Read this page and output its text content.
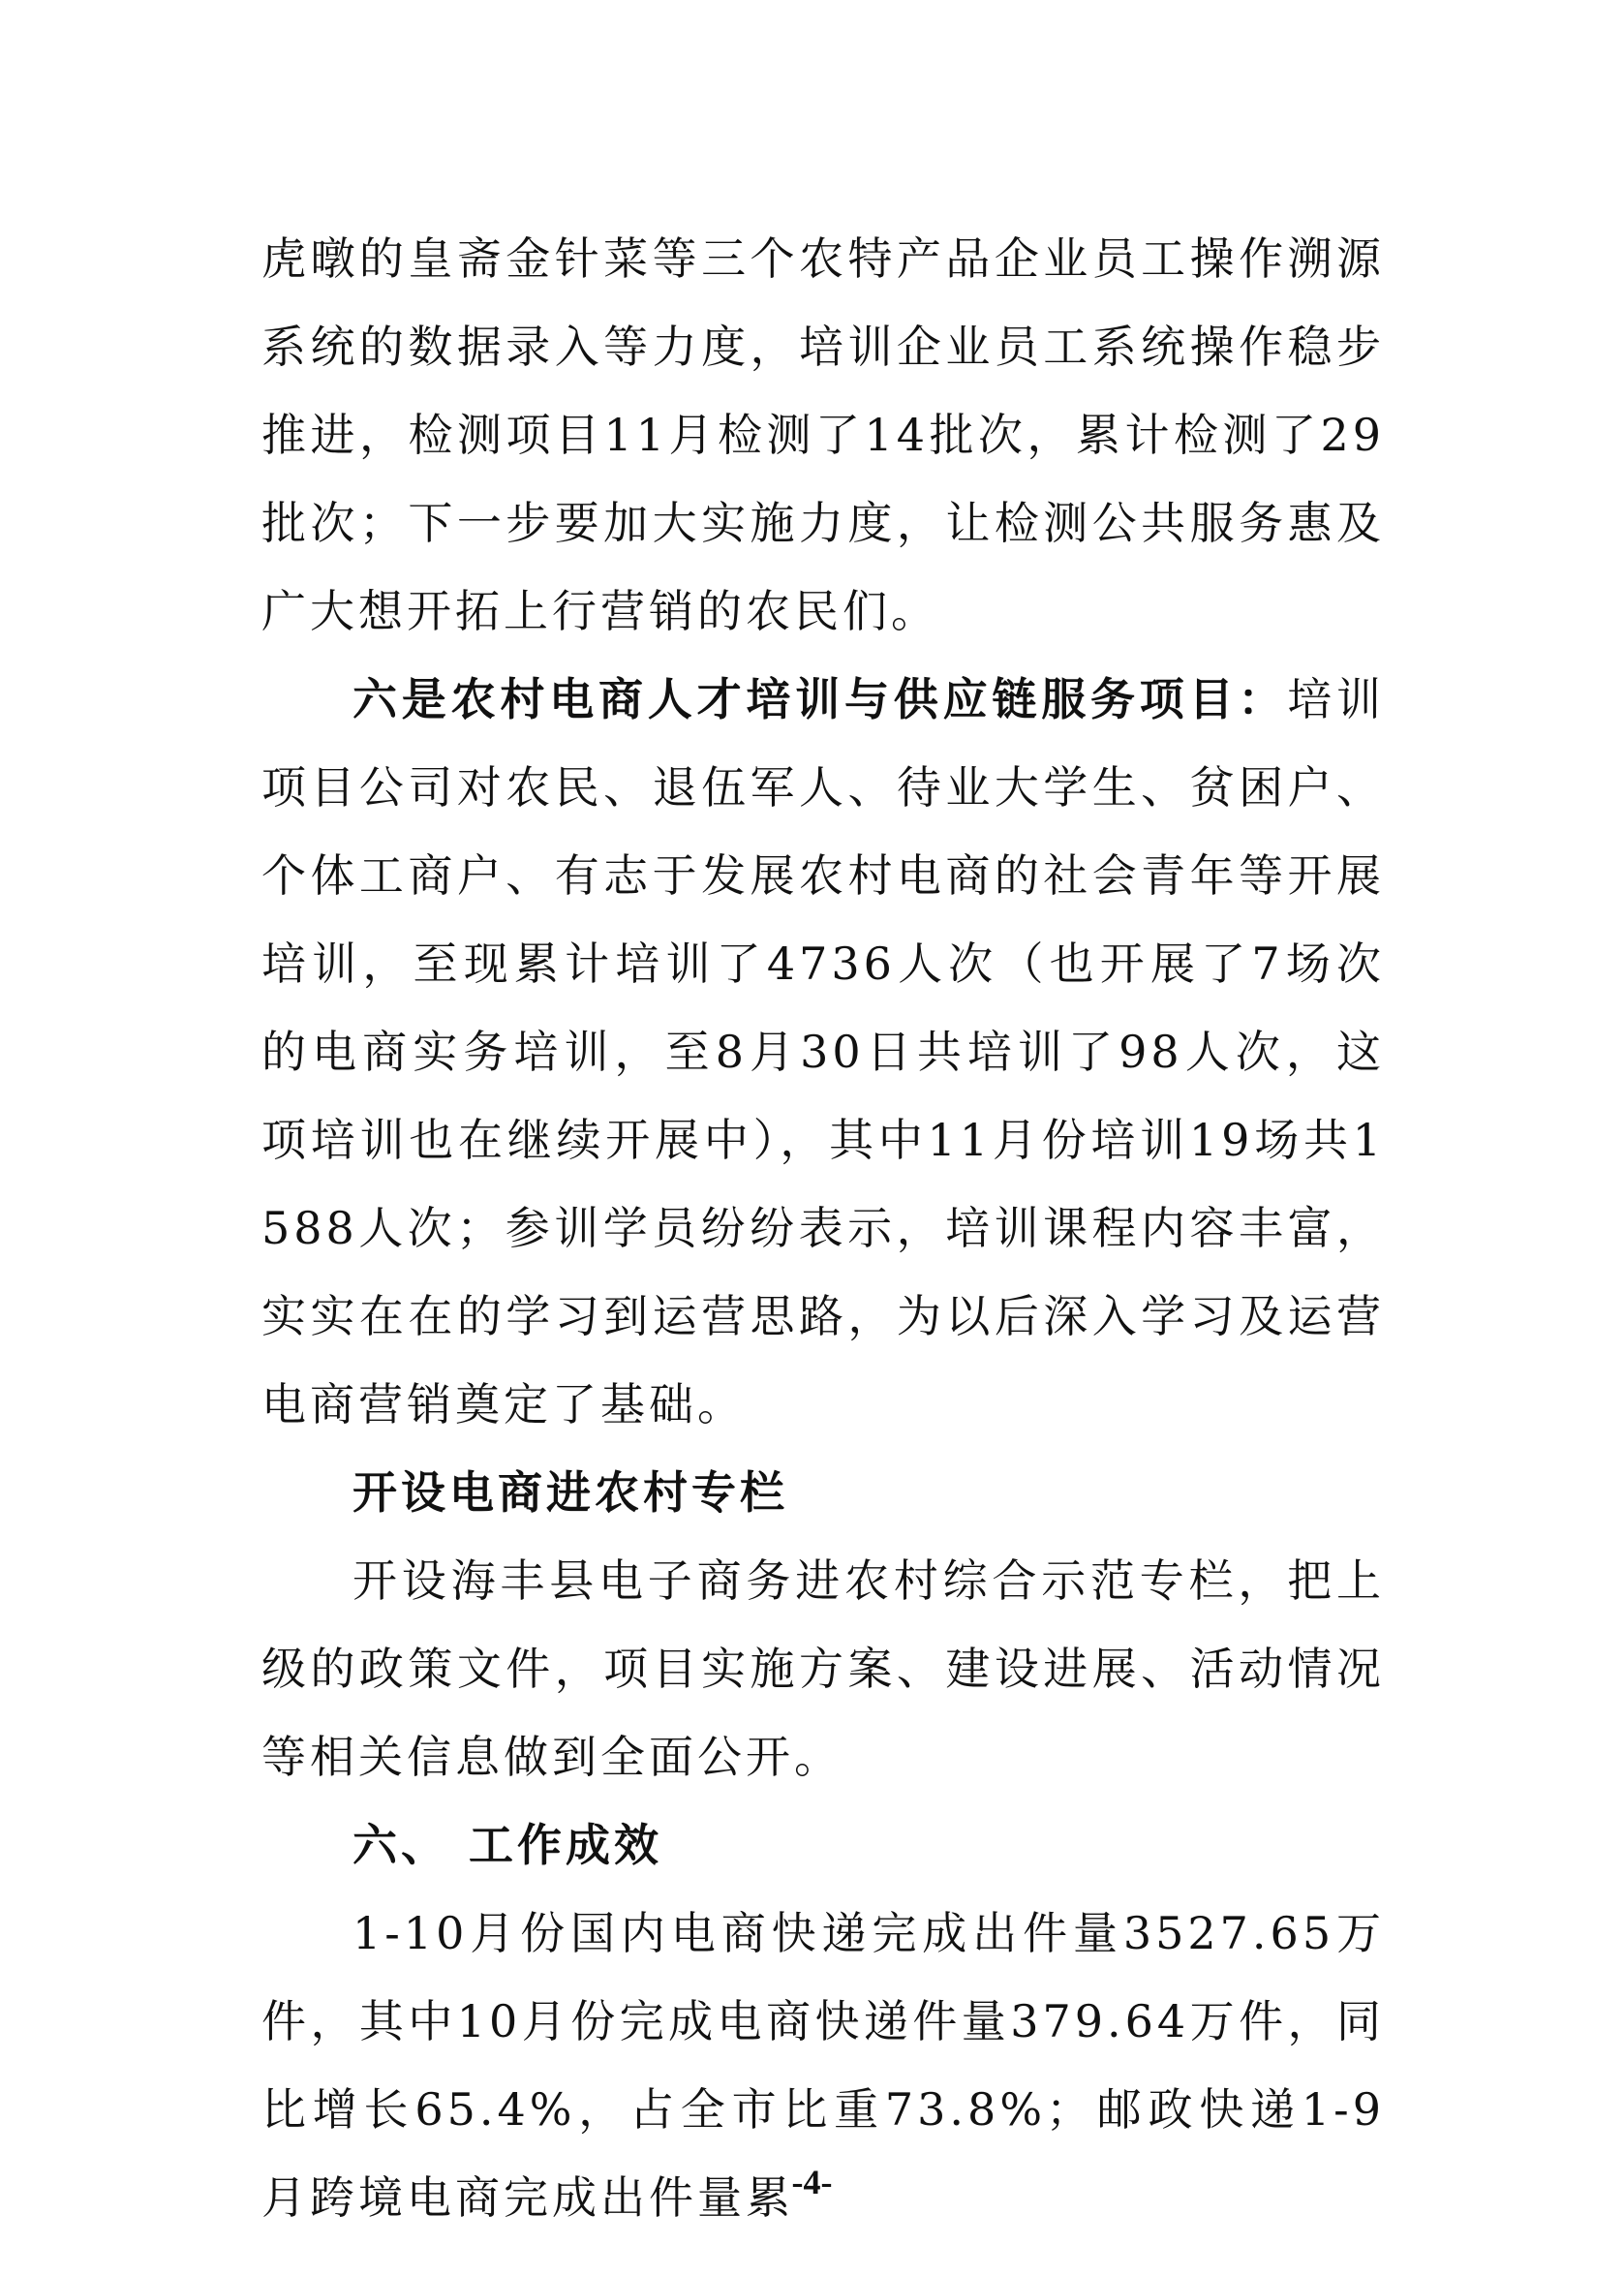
虎暾的皇斋金针菜等三个农特产品企业员工操作溯源系统的数据录入等力度，培训企业员工系统操作稳步推进，检测项目11月检测了14批次，累计检测了29批次；下一步要加大实施力度，让检测公共服务惠及广大想开拓上行营销的农民们。

六是农村电商人才培训与供应链服务项目：培训项目公司对农民、退伍军人、待业大学生、贫困户、个体工商户、有志于发展农村电商的社会青年等开展培训，至现累计培训了4736人次（也开展了7场次的电商实务培训，至8月30日共培训了98人次，这项培训也在继续开展中），其中11月份培训19场共1588人次；参训学员纷纷表示，培训课程内容丰富，实实在在的学习到运营思路，为以后深入学习及运营电商营销奠定了基础。

开设电商进农村专栏

开设海丰县电子商务进农村综合示范专栏，把上级的政策文件，项目实施方案、建设进展、活动情况等相关信息做到全面公开。

六、 工作成效

1-10月份国内电商快递完成出件量3527.65万件，其中10月份完成电商快递件量379.64万件，同比增长65.4%，占全市比重73.8%；邮政快递1-9月跨境电商完成出件量累

-4-
